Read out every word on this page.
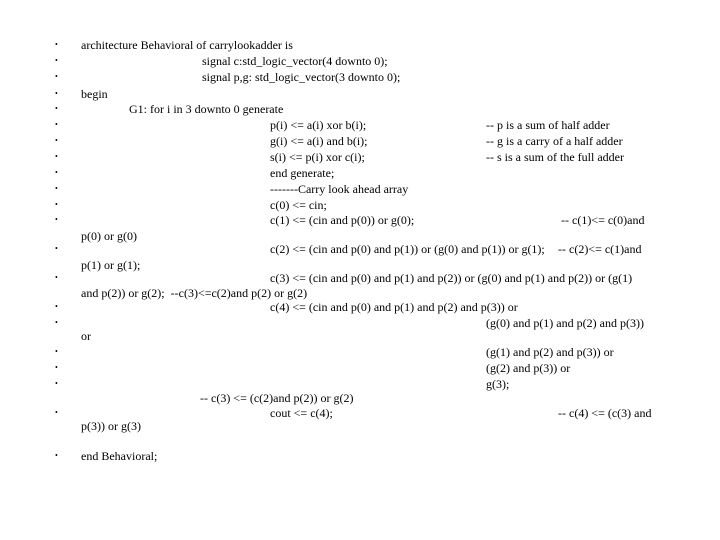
• architecture Behavioral of carrylookadder is
•	signal c:std_logic_vector(4 downto 0);
•	signal p,g: std_logic_vector(3 downto 0);
• begin
•	G1: for i in 3 downto 0 generate
•	p(i) <= a(i) xor b(i);	-- p is a sum of half adder
•	g(i) <= a(i) and b(i);	-- g is a carry of a half adder
•	s(i) <= p(i) xor c(i);	-- s is a sum of the full adder
•	end generate;
•	-------Carry look ahead array
•	c(0) <= cin;
•	c(1) <= (cin and p(0)) or g(0);	-- c(1)<= c(0)and
p(0) or g(0)
•	c(2) <= (cin and p(0) and p(1)) or (g(0) and p(1)) or g(1); -- c(2)<= c(1)and
p(1) or g(1);
•	c(3) <= (cin and p(0) and p(1) and p(2)) or (g(0) and p(1) and p(2)) or (g(1)
and p(2)) or g(2);  --c(3)<=c(2)and p(2) or g(2)
•	c(4) <= (cin and p(0) and p(1) and p(2) and p(3)) or
•	(g(0) and p(1) and p(2) and p(3))
or
•	(g(1) and p(2) and p(3)) or
•	(g(2) and p(3)) or
•	g(3);
-- c(3) <= (c(2)and p(2)) or g(2)
•	cout <= c(4);	-- c(4) <= (c(3) and
p(3)) or g(3)
• end Behavioral;
